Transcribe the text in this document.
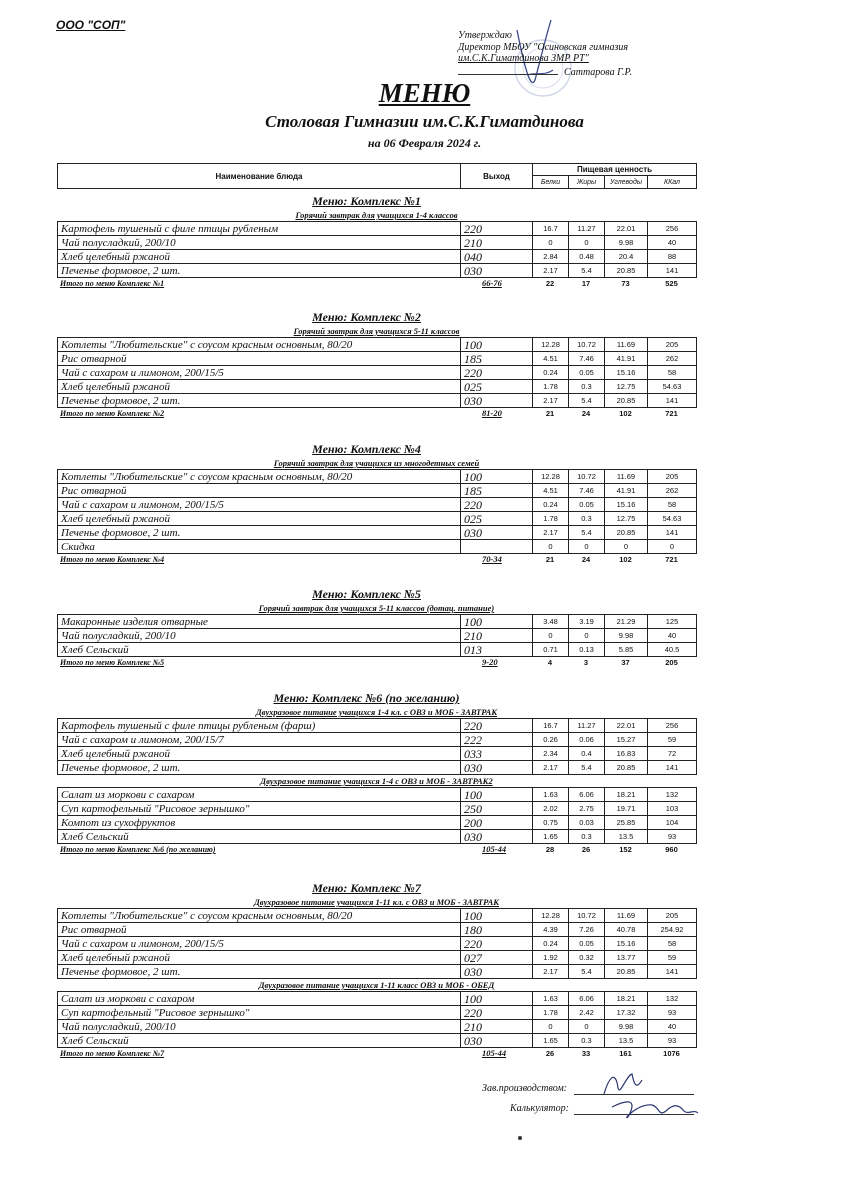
ООО "СОП"
Утверждаю
Директор МБОУ "Осиновская гимназия
им.С.К.Гиматдинова ЗМР РТ"
Саттарова Г.Р.
МЕНЮ
Столовая Гимназии им.С.К.Гиматдинова
на 06 Февраля 2024 г.
Наименование блюда	Выход	Пищевая ценность			
		Белки	Жиры	Углеводы	ККал
Меню: Комплекс №1
Горячий завтрак для учащихся 1-4 классов
Картофель тушеный с филе птицы рубленым	220	16.7	11.27	22.01	256
Чай полусладкий, 200/10	210	0	0	9.98	40
Хлеб целебный ржаной	040	2.84	0.48	20.4	88
Печенье формовое, 2 шт.	030	2.17	5.4	20.85	141
Итого по меню Комплекс №1	66-76	22	17	73	525
Меню: Комплекс №2
Горячий завтрак для учащихся 5-11 классов
Котлеты "Любительские" с соусом красным основным, 80/20	100	12.28	10.72	11.69	205
Рис отварной	185	4.51	7.46	41.91	262
Чай с сахаром и лимоном, 200/15/5	220	0.24	0.05	15.16	58
Хлеб целебный ржаной	025	1.78	0.3	12.75	54.63
Печенье формовое, 2 шт.	030	2.17	5.4	20.85	141
Итого по меню Комплекс №2	81-20	21	24	102	721
Меню: Комплекс №4
Горячий завтрак для учащихся из многодетных семей
Котлеты "Любительские" с соусом красным основным, 80/20	100	12.28	10.72	11.69	205
Рис отварной	185	4.51	7.46	41.91	262
Чай с сахаром и лимоном, 200/15/5	220	0.24	0.05	15.16	58
Хлеб целебный ржаной	025	1.78	0.3	12.75	54.63
Печенье формовое, 2 шт.	030	2.17	5.4	20.85	141
Скидка		0	0	0	0
Итого по меню Комплекс №4	70-34	21	24	102	721
Меню: Комплекс №5
Горячий завтрак для учащихся 5-11 классов (дотац. питание)
Макаронные изделия отварные	100	3.48	3.19	21.29	125
Чай полусладкий, 200/10	210	0	0	9.98	40
Хлеб Сельский	013	0.71	0.13	5.85	40.5
Итого по меню Комплекс №5	9-20	4	3	37	205
Меню: Комплекс №6 (по желанию)
Двухразовое питание учащихся 1-4 кл. с ОВЗ и МОБ - ЗАВТРАК
Картофель тушеный с филе птицы рубленым (фарш)	220	16.7	11.27	22.01	256
Чай с сахаром и лимоном, 200/15/7	222	0.26	0.06	15.27	59
Хлеб целебный ржаной	033	2.34	0.4	16.83	72
Печенье формовое, 2 шт.	030	2.17	5.4	20.85	141
Двухразовое питание учащихся 1-4 с ОВЗ и МОБ - ЗАВТРАК2
Салат из моркови с сахаром	100	1.63	6.06	18.21	132
Суп картофельный "Рисовое зернышко"	250	2.02	2.75	19.71	103
Компот из сухофруктов	200	0.75	0.03	25.85	104
Хлеб Сельский	030	1.65	0.3	13.5	93
Итого по меню Комплекс №6 (по желанию)	105-44	28	26	152	960
Меню: Комплекс №7
Двухразовое питание учащихся 1-11 кл. с ОВЗ и МОБ - ЗАВТРАК
Котлеты "Любительские" с соусом красным основным, 80/20	100	12.28	10.72	11.69	205
Рис отварной	180	4.39	7.26	40.78	254.92
Чай с сахаром и лимоном, 200/15/5	220	0.24	0.05	15.16	58
Хлеб целебный ржаной	027	1.92	0.32	13.77	59
Печенье формовое, 2 шт.	030	2.17	5.4	20.85	141
Двухразовое питание учащихся 1-11 класс ОВЗ и МОБ - ОБЕД
Салат из моркови с сахаром	100	1.63	6.06	18.21	132
Суп картофельный "Рисовое зернышко"	220	1.78	2.42	17.32	93
Чай полусладкий, 200/10	210	0	0	9.98	40
Хлеб Сельский	030	1.65	0.3	13.5	93
Итого по меню Комплекс №7	105-44	26	33	161	1076
Зав.производством:
Калькулятор:
